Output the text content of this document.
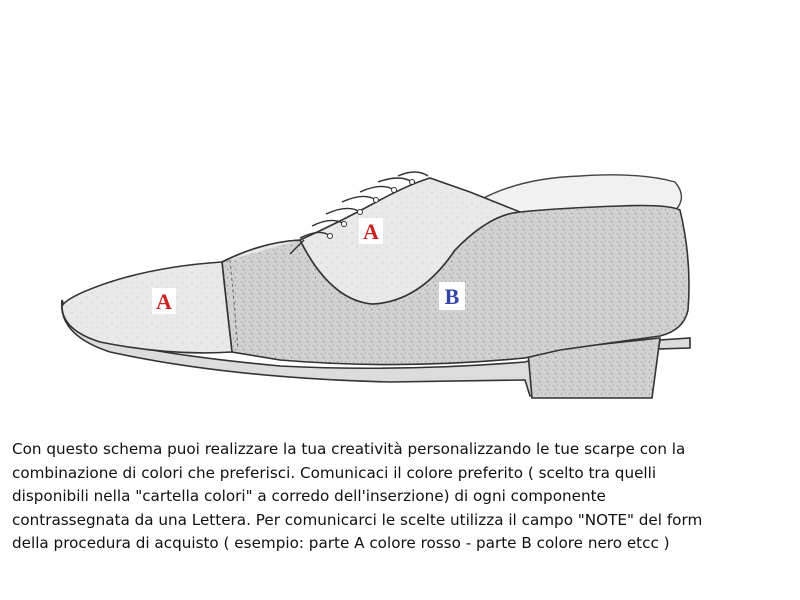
A
A
B

Con questo schema puoi realizzare la tua creatività personalizzando le tue scarpe con la
combinazione di colori che preferisci. Comunicaci il colore preferito ( scelto tra quelli
disponibili nella "cartella colori" a corredo dell'inserzione) di ogni componente
contrassegnata da una Lettera. Per comunicarci le scelte utilizza il campo "NOTE" del form
della procedura di acquisto ( esempio: parte A colore rosso - parte B colore nero etcc )
